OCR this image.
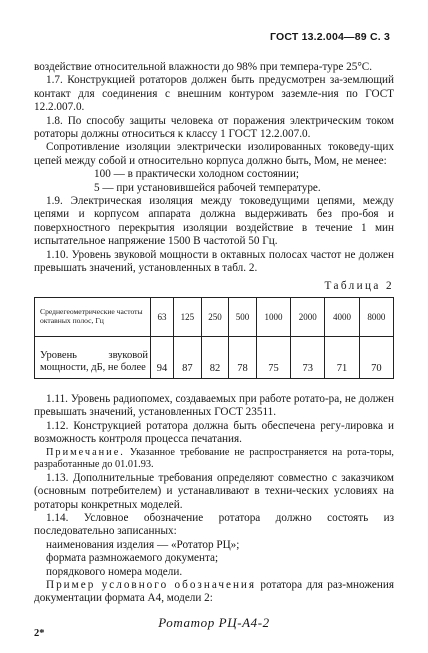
ГОСТ 13.2.004—89 С. 3

воздействие относительной влажности до 98% при темпера-туре 25°С.

1.7. Конструкцией ротаторов должен быть предусмотрен за-землющий контакт для соединения с внешним контуром заземле-ния по ГОСТ 12.2.007.0.

1.8. По способу защиты человека от поражения электрическим током ротаторы должны относиться к классу 1 ГОСТ 12.2.007.0.

Сопротивление изоляции электрически изолированных токоведу-щих цепей между собой и относительно корпуса должно быть, Мом, не менее:

100 — в практически холодном состоянии;

5 — при установившейся рабочей температуре.

1.9. Электрическая изоляция между токоведущими цепями, между цепями и корпусом аппарата должна выдерживать без про-боя и поверхностного перекрытия изоляции воздействие в течение 1 мин испытательное напряжение 1500 В частотой 50 Гц.

1.10. Уровень звуковой мощности в октавных полосах частот не должен превышать значений, установленных в табл. 2.

Таблица 2

Среднегеометрические частоты октавных полос, Гц	63	125	250	500	1000	2000	4000	8000
Уровень звуковой мощности, дБ, не более	94	87	82	78	75	73	71	70

1.11. Уровень радиопомех, создаваемых при работе ротато-ра, не должен превышать значений, установленных ГОСТ 23511.

1.12. Конструкцией ротатора должна быть обеспечена регу-лировка и возможность контроля процесса печатания.

Примечание. Указанное требование не распространяется на рота-торы, разработанные до 01.01.93.

1.13. Дополнительные требования определяют совместно с заказчиком (основным потребителем) и устанавливают в техни-ческих условиях на ротаторы конкретных моделей.

1.14. Условное обозначение ротатора должно состоять из последовательно записанных:

наименования изделия — «Ротатор РЦ»;

формата размножаемого документа;

порядкового номера модели.

Пример условного обозначения ротатора для раз-множения документации формата А4, модели 2:

Ротатор РЦ-А4-2

2*
